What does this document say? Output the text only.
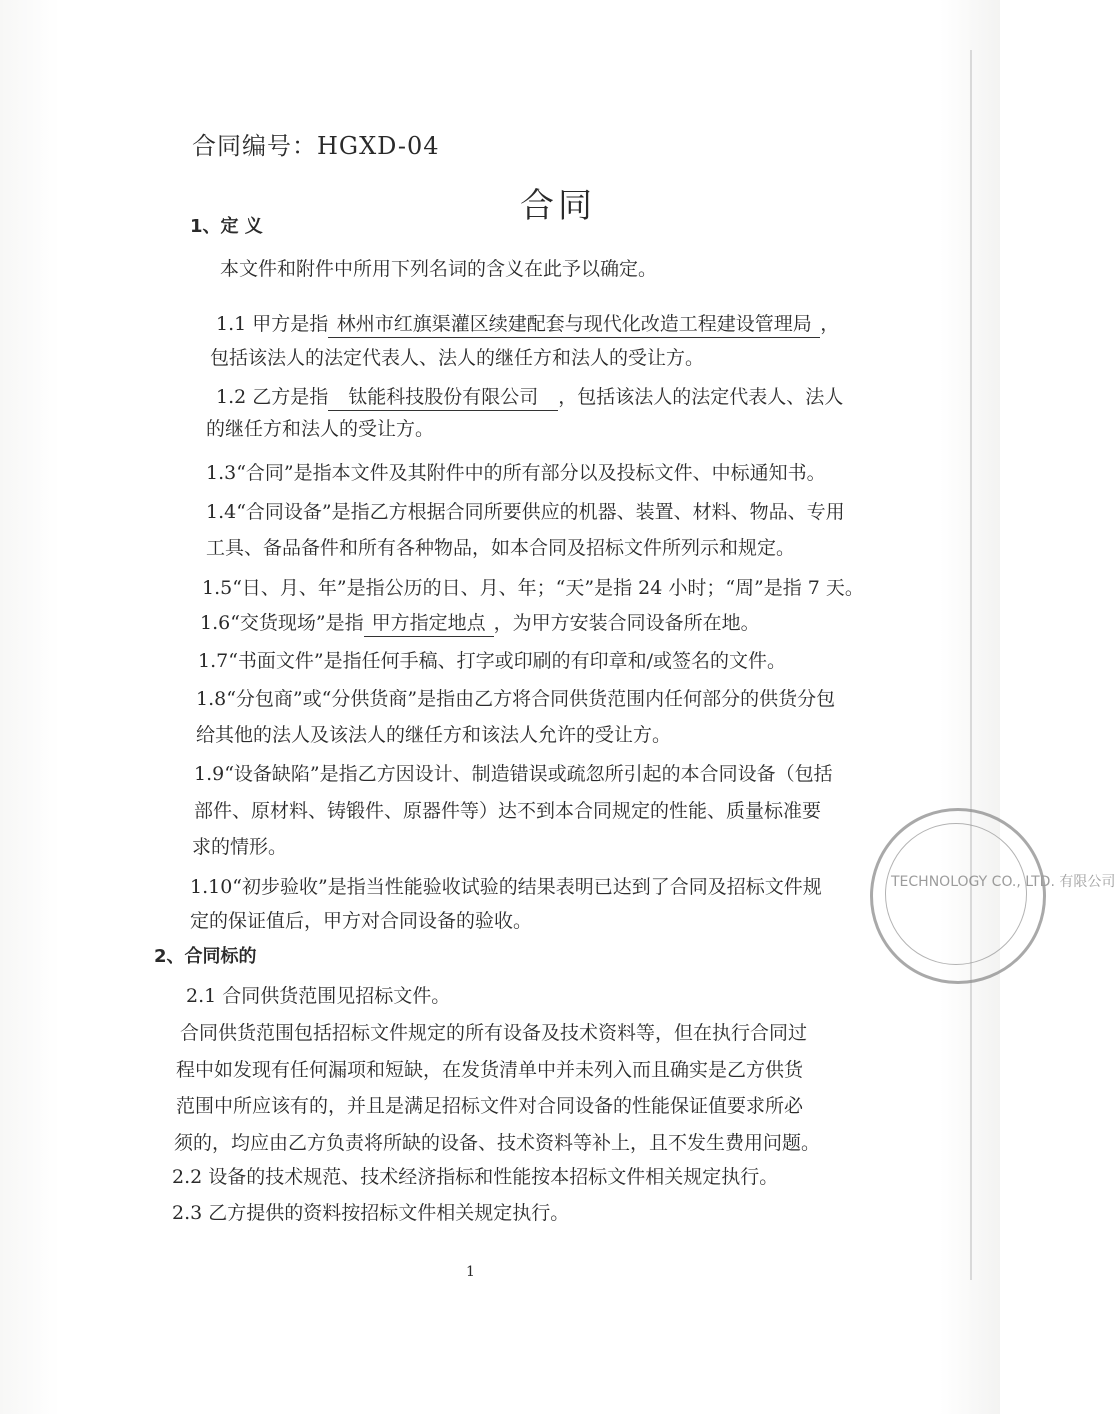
合同编号：HGXD-04
合同
1、定 义
本文件和附件中所用下列名词的含义在此予以确定。
1.1 甲方是指 林州市红旗渠灌区续建配套与现代化改造工程建设管理局 ，
包括该法人的法定代表人、法人的继任方和法人的受让方。
1.2 乙方是指 钛能科技股份有限公司 ，包括该法人的法定代表人、法人
的继任方和法人的受让方。
1.3“合同”是指本文件及其附件中的所有部分以及投标文件、中标通知书。
1.4“合同设备”是指乙方根据合同所要供应的机器、装置、材料、物品、专用
工具、备品备件和所有各种物品，如本合同及招标文件所列示和规定。
1.5“日、月、年”是指公历的日、月、年；“天”是指 24 小时；“周”是指 7 天。
1.6“交货现场”是指 甲方指定地点 ，为甲方安装合同设备所在地。
1.7“书面文件”是指任何手稿、打字或印刷的有印章和/或签名的文件。
1.8“分包商”或“分供货商”是指由乙方将合同供货范围内任何部分的供货分包
给其他的法人及该法人的继任方和该法人允许的受让方。
1.9“设备缺陷”是指乙方因设计、制造错误或疏忽所引起的本合同设备（包括
部件、原材料、铸锻件、原器件等）达不到本合同规定的性能、质量标准要
求的情形。
1.10“初步验收”是指当性能验收试验的结果表明已达到了合同及招标文件规
定的保证值后，甲方对合同设备的验收。
2、合同标的
2.1 合同供货范围见招标文件。
合同供货范围包括招标文件规定的所有设备及技术资料等，但在执行合同过
程中如发现有任何漏项和短缺，在发货清单中并未列入而且确实是乙方供货
范围中所应该有的，并且是满足招标文件对合同设备的性能保证值要求所必
须的，均应由乙方负责将所缺的设备、技术资料等补上，且不发生费用问题。
2.2 设备的技术规范、技术经济指标和性能按本招标文件相关规定执行。
2.3 乙方提供的资料按招标文件相关规定执行。
1
TECHNOLOGY CO., LTD. 有限公司
